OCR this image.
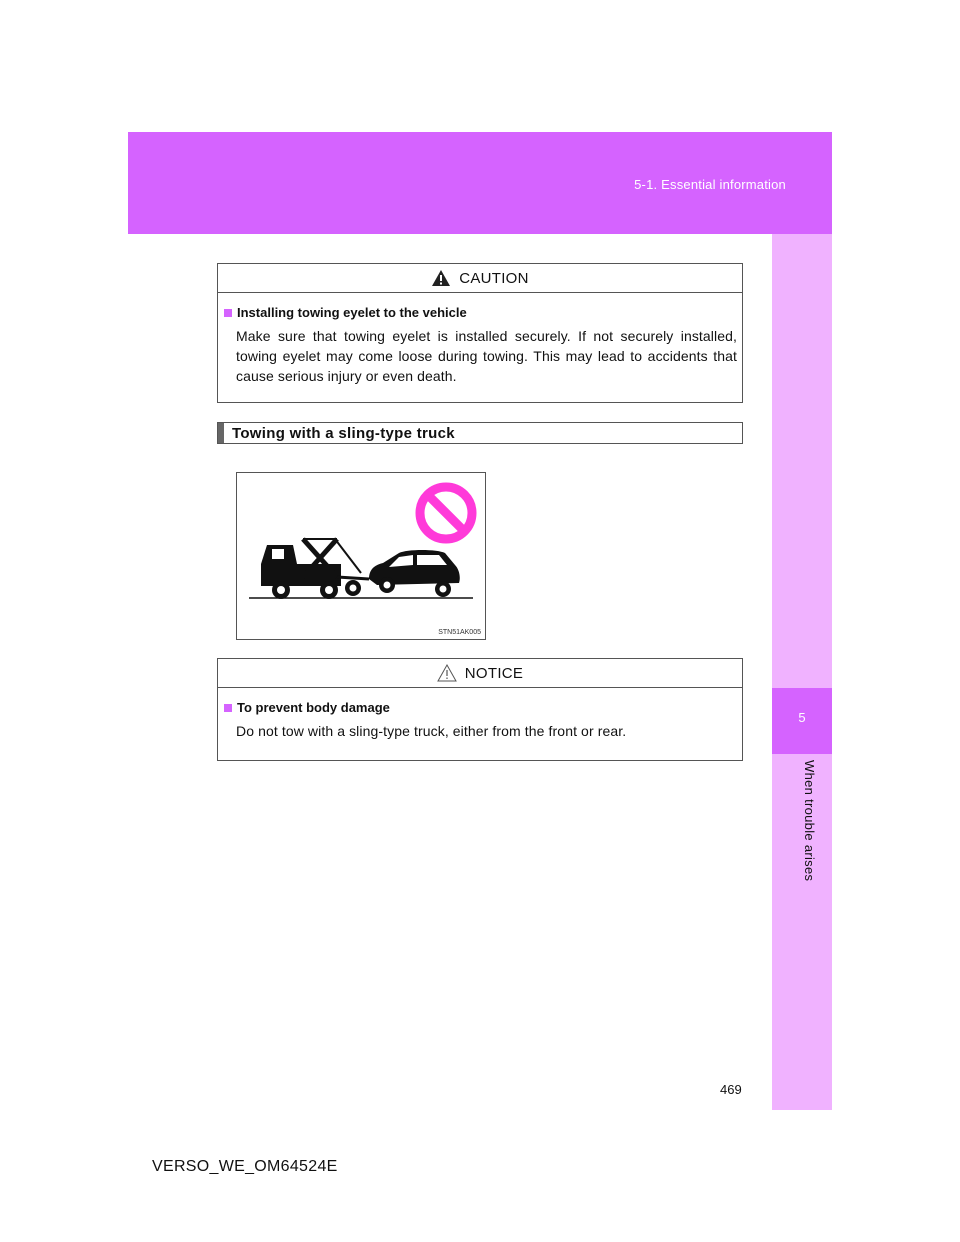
5-1. Essential information
5
When trouble arises
CAUTION
Installing towing eyelet to the vehicle
Make sure that towing eyelet is installed securely. If not securely installed, towing eyelet may come loose during towing. This may lead to accidents that cause serious injury or even death.
Towing with a sling-type truck
STN51AK005
NOTICE
To prevent body damage
Do not tow with a sling-type truck, either from the front or rear.
469
VERSO_WE_OM64524E
